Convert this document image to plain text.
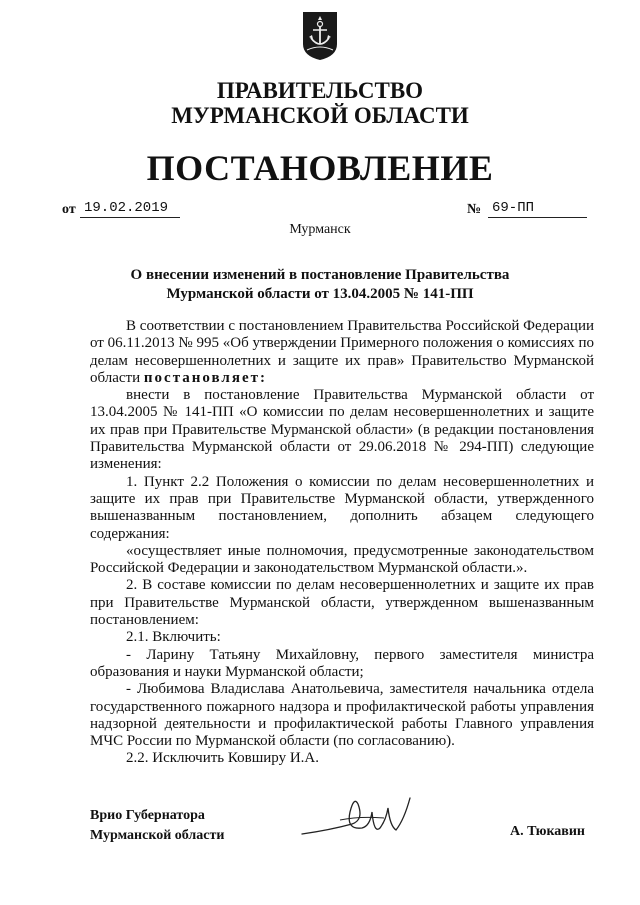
ПРАВИТЕЛЬСТВО
МУРМАНСКОЙ ОБЛАСТИ
ПОСТАНОВЛЕНИЕ
от 19.02.2019	№ 69-ПП
Мурманск
О внесении изменений в постановление Правительства
Мурманской области от 13.04.2005 № 141-ПП

В соответствии с постановлением Правительства Российской Федерации от 06.11.2013 № 995 «Об утверждении Примерного положения о комиссиях по делам несовершеннолетних и защите их прав» Правительство Мурманской области постановляет:

внести в постановление Правительства Мурманской области от 13.04.2005 № 141-ПП «О комиссии по делам несовершеннолетних и защите их прав при Правительстве Мурманской области» (в редакции постановления Правительства Мурманской области от 29.06.2018 № 294-ПП) следующие изменения:

1. Пункт 2.2 Положения о комиссии по делам несовершеннолетних и защите их прав при Правительстве Мурманской области, утвержденного вышеназванным постановлением, дополнить абзацем следующего содержания:

«осуществляет иные полномочия, предусмотренные законодательством Российской Федерации и законодательством Мурманской области.».

2. В составе комиссии по делам несовершеннолетних и защите их прав при Правительстве Мурманской области, утвержденном вышеназванным постановлением:

2.1. Включить:

- Ларину Татьяну Михайловну, первого заместителя министра образования и науки Мурманской области;

- Любимова Владислава Анатольевича, заместителя начальника отдела государственного пожарного надзора и профилактической работы управления надзорной деятельности и профилактической работы Главного управления МЧС России по Мурманской области (по согласованию).

2.2. Исключить Ковширу И.А.

Врио Губернатора
Мурманской области	А. Тюкавин
